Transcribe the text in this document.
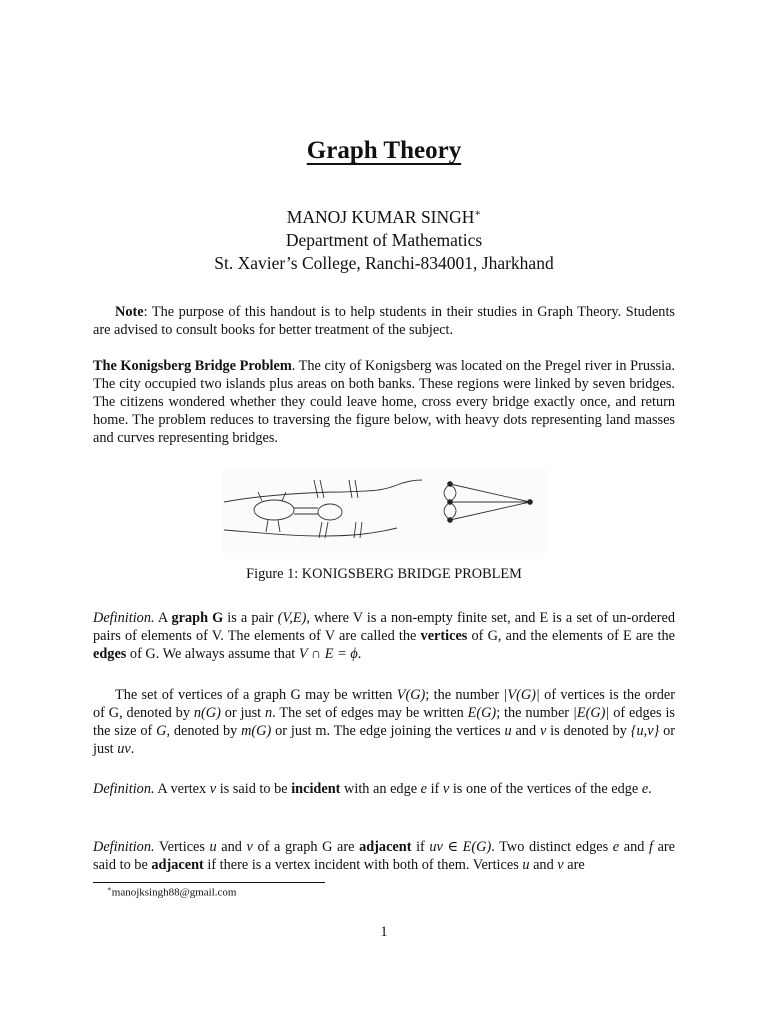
Graph Theory
MANOJ KUMAR SINGH∗
Department of Mathematics
St. Xavier’s College, Ranchi-834001, Jharkhand
Note: The purpose of this handout is to help students in their studies in Graph Theory. Students are advised to consult books for better treatment of the subject.
The Konigsberg Bridge Problem. The city of Konigsberg was located on the Pregel river in Prussia. The city occupied two islands plus areas on both banks. These regions were linked by seven bridges. The citizens wondered whether they could leave home, cross every bridge exactly once, and return home. The problem reduces to traversing the figure below, with heavy dots representing land masses and curves representing bridges.
Figure 1: KONIGSBERG BRIDGE PROBLEM
Definition. A graph G is a pair (V,E), where V is a non-empty finite set, and E is a set of un-ordered pairs of elements of V. The elements of V are called the vertices of G, and the elements of E are the edges of G. We always assume that V ∩ E = ϕ.
The set of vertices of a graph G may be written V(G); the number |V(G)| of vertices is the order of G, denoted by n(G) or just n. The set of edges may be written E(G); the number |E(G)| of edges is the size of G, denoted by m(G) or just m. The edge joining the vertices u and v is denoted by {u,v} or just uv.
Definition. A vertex v is said to be incident with an edge e if v is one of the vertices of the edge e.
Definition. Vertices u and v of a graph G are adjacent if uv ∈ E(G). Two distinct edges e and f are said to be adjacent if there is a vertex incident with both of them. Vertices u and v are
∗manojksingh88@gmail.com
1
